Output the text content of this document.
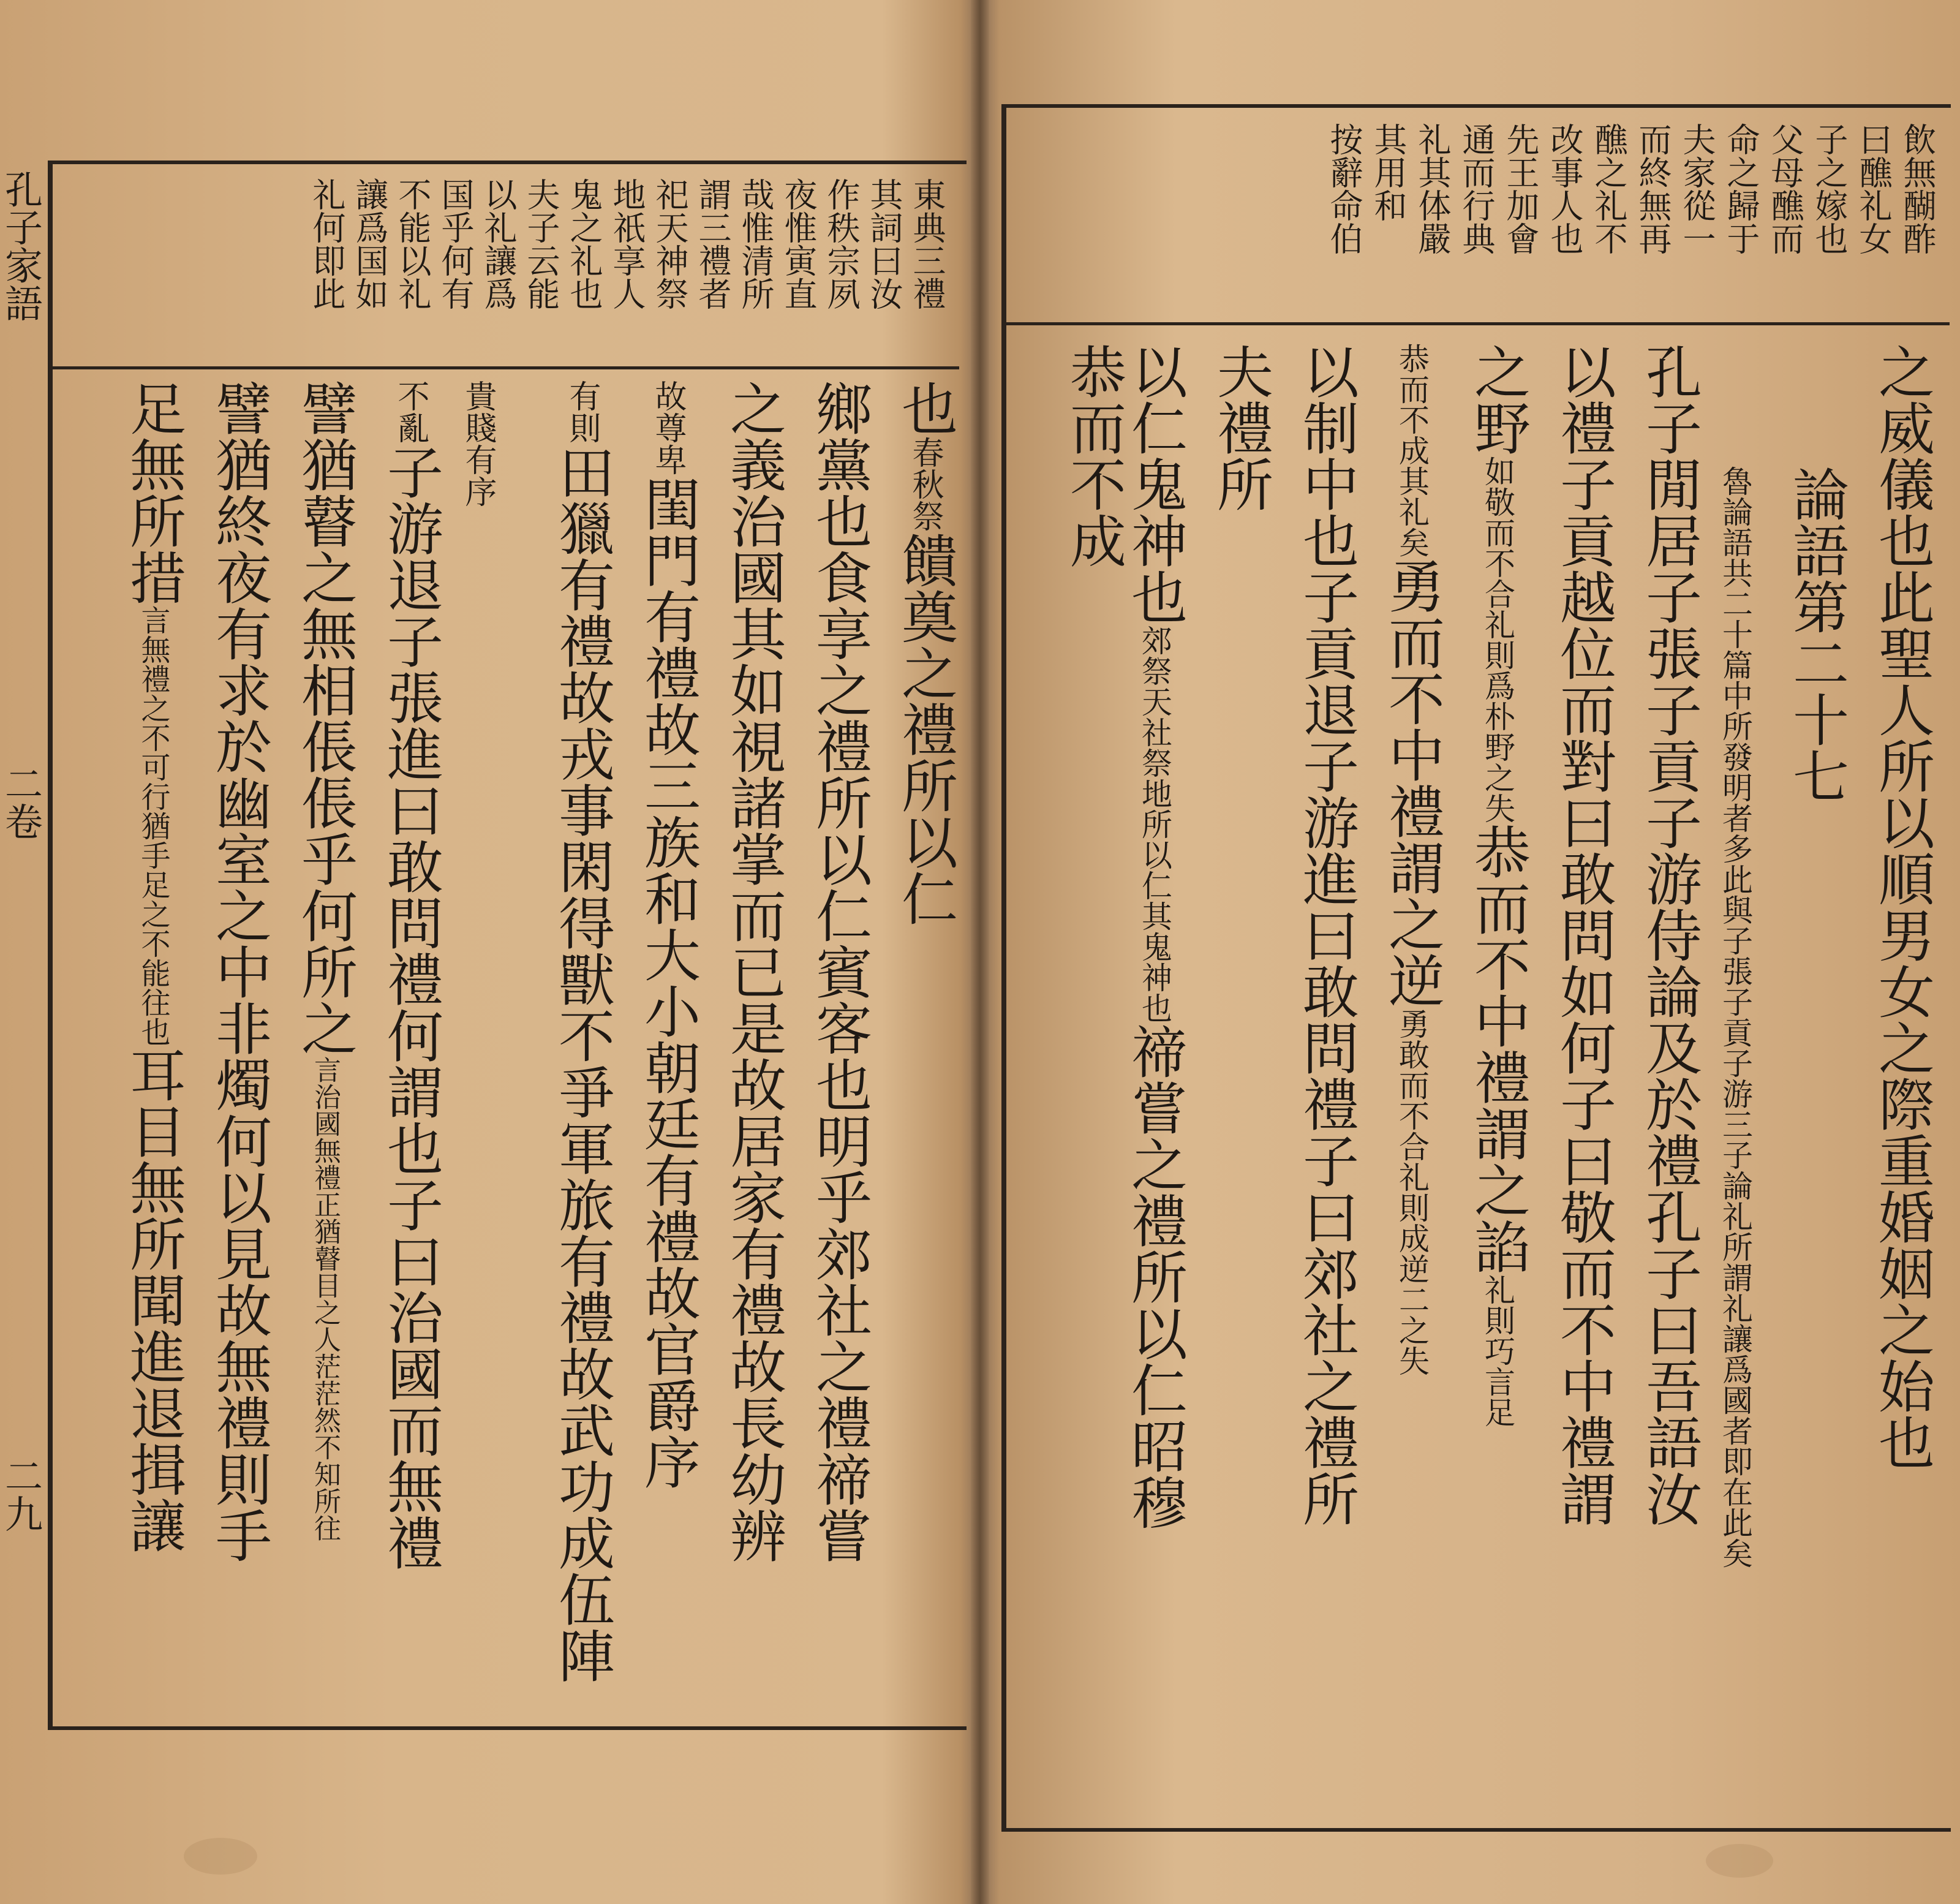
孔子家語
二卷
二九
東典三禮
其詞曰汝
作秩宗夙
夜惟寅直
哉惟清所
謂三禮者
祀天神祭
地祇享人
鬼之礼也
夫子云能
以礼讓爲
国乎何有
不能以礼
讓爲国如
礼何即此
也春秋祭饋奠之禮所以仁
鄉黨也食享之禮所以仁賓客也明乎郊社之禮禘嘗
之義治國其如視諸掌而已是故居家有禮故長幼辨
故尊卑閨門有禮故三族和大小朝廷有禮故官爵序
有則田獵有禮故戎事閑得獸不爭軍旅有禮故武功成伍陣
貴賤有序
不亂子游退子張進曰敢問禮何謂也子曰治國而無禮
譬猶瞽之無相倀倀乎何所之言治國無禮正猶瞽目之人茫茫然不知所往
譬猶終夜有求於幽室之中非燭何以見故無禮則手
足無所措言無禮之不可行猶手足之不能往也耳目無所聞進退揖讓
飲無醐酢
曰醮礼女
子之嫁也
父母醮而
命之歸于
夫家從一
而終無再
醮之礼不
改事人也
先王加會
通而行典
礼其体嚴
其用和
按辭命伯
之威儀也此聖人所以順男女之際重婚姻之始也
論語第二十七
魯論語共二十篇中所發明者多此與子張子貢子游三子論礼所謂礼讓爲國者即在此矣
孔子閒居子張子貢子游侍論及於禮孔子曰吾語汝
以禮子貢越位而對曰敢問如何子曰敬而不中禮謂
之野如敬而不合礼則爲朴野之失恭而不中禮謂之諂礼則巧言足
恭而不成其礼矣勇而不中禮謂之逆勇敢而不合礼則成逆二之失
以制中也子貢退子游進曰敢問禮子曰郊社之禮所
夫禮所
以仁鬼神也郊祭天社祭地所以仁其鬼神也禘嘗之禮所以仁昭穆
恭而不成
